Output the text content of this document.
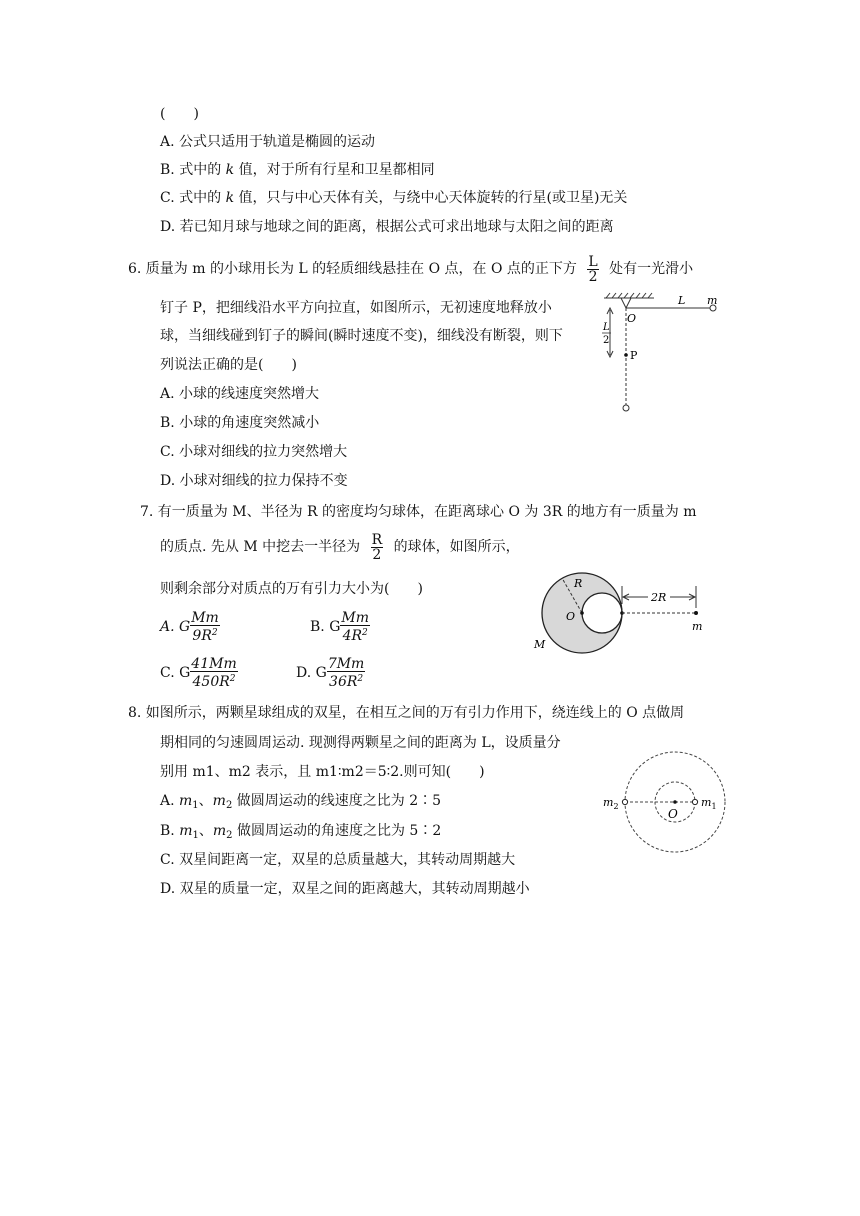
(　　)
A. 公式只适用于轨道是椭圆的运动
B. 式中的 k 值，对于所有行星和卫星都相同
C. 式中的 k 值，只与中心天体有关，与绕中心天体旋转的行星(或卫星)无关
D. 若已知月球与地球之间的距离，根据公式可求出地球与太阳之间的距离
6. 质量为 m 的小球用长为 L 的轻质细线悬挂在 O 点，在 O 点的正下方 $\frac{L}{2}$ 处有一光滑小
钉子 P，把细线沿水平方向拉直，如图所示，无初速度地释放小
球，当细线碰到钉子的瞬间(瞬时速度不变)，细线没有断裂，则下
列说法正确的是(　　)
A. 小球的线速度突然增大
B. 小球的角速度突然减小
C. 小球对细线的拉力突然增大
D. 小球对细线的拉力保持不变
O
L m
L
2
P
7. 有一质量为 M、半径为 R 的密度均匀球体，在距离球心 O 为 3R 的地方有一质量为 m
的质点. 先从 M 中挖去一半径为 $\frac{R}{2}$ 的球体，如图所示，
则剩余部分对质点的万有引力大小为(　　)
A. G $\frac{Mm}{9R^2}$	B. G $\frac{Mm}{4R^2}$
C. G $\frac{41Mm}{450R^2}$	D. G $\frac{7Mm}{36R^2}$
R
O
2R
m
M
8. 如图所示，两颗星球组成的双星，在相互之间的万有引力作用下，绕连线上的 O 点做周
期相同的匀速圆周运动. 现测得两颗星之间的距离为 L，设质量分
别用 m1、m2 表示，且 m1∶m2＝5∶2.则可知(　　)
A. $m_1$、$m_2$ 做圆周运动的线速度之比为 2∶5
B. $m_1$、$m_2$ 做圆周运动的角速度之比为 5∶2
C. 双星间距离一定，双星的总质量越大，其转动周期越大
D. 双星的质量一定，双星之间的距离越大，其转动周期越小
$m_2$	$m_1$
O
